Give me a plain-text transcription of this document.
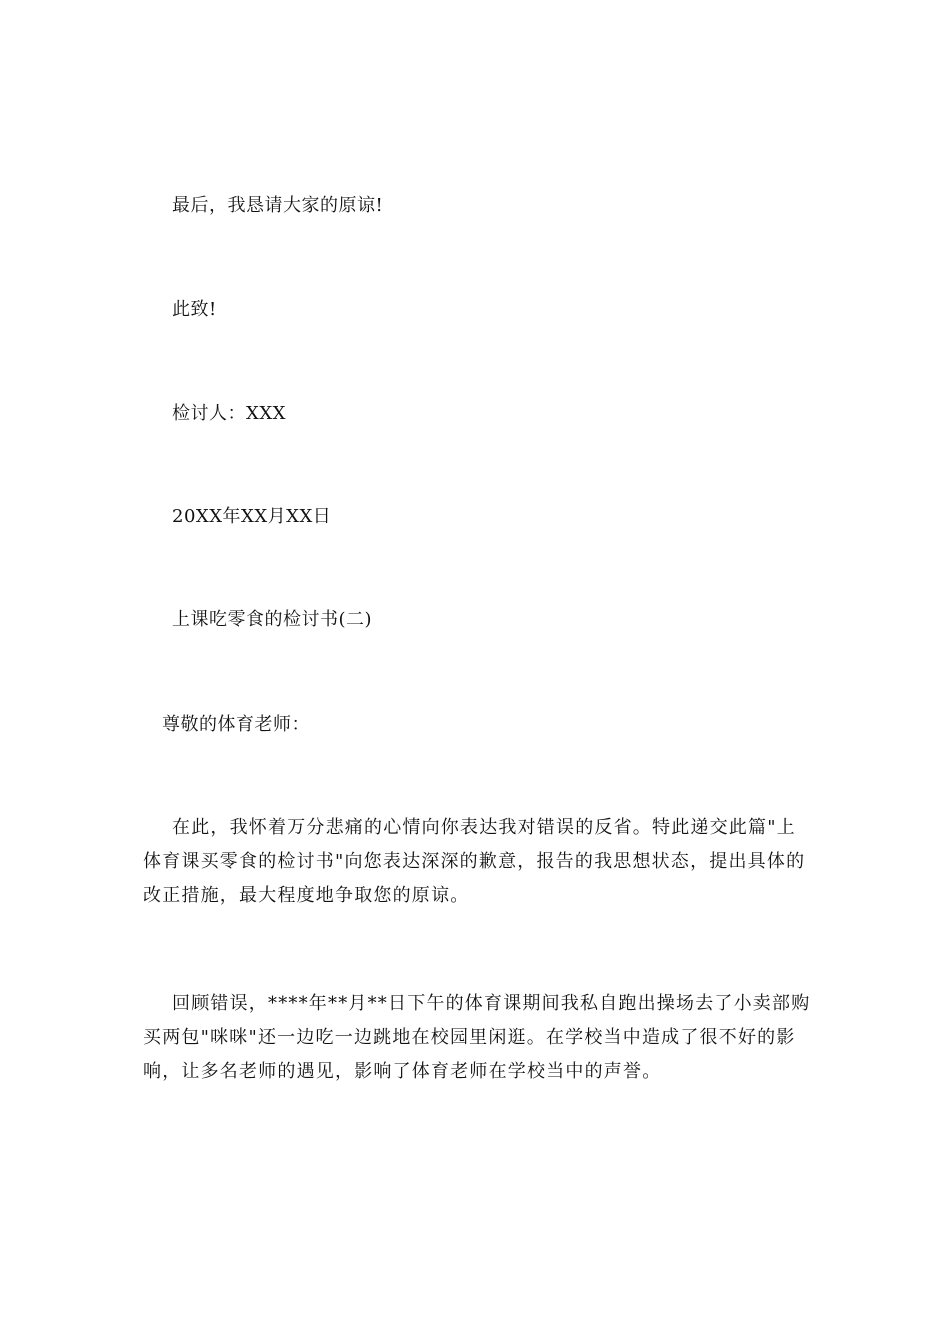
最后，我恳请大家的原谅!
此致!
检讨人：XXX
20XX年XX月XX日
上课吃零食的检讨书(二)
尊敬的体育老师：

在此，我怀着万分悲痛的心情向你表达我对错误的反省。特此递交此篇"上体育课买零食的检讨书"向您表达深深的歉意，报告的我思想状态，提出具体的改正措施，最大程度地争取您的原谅。

回顾错误，****年**月**日下午的体育课期间我私自跑出操场去了小卖部购买两包"咪咪"还一边吃一边跳地在校园里闲逛。在学校当中造成了很不好的影响，让多名老师的遇见，影响了体育老师在学校当中的声誉。
